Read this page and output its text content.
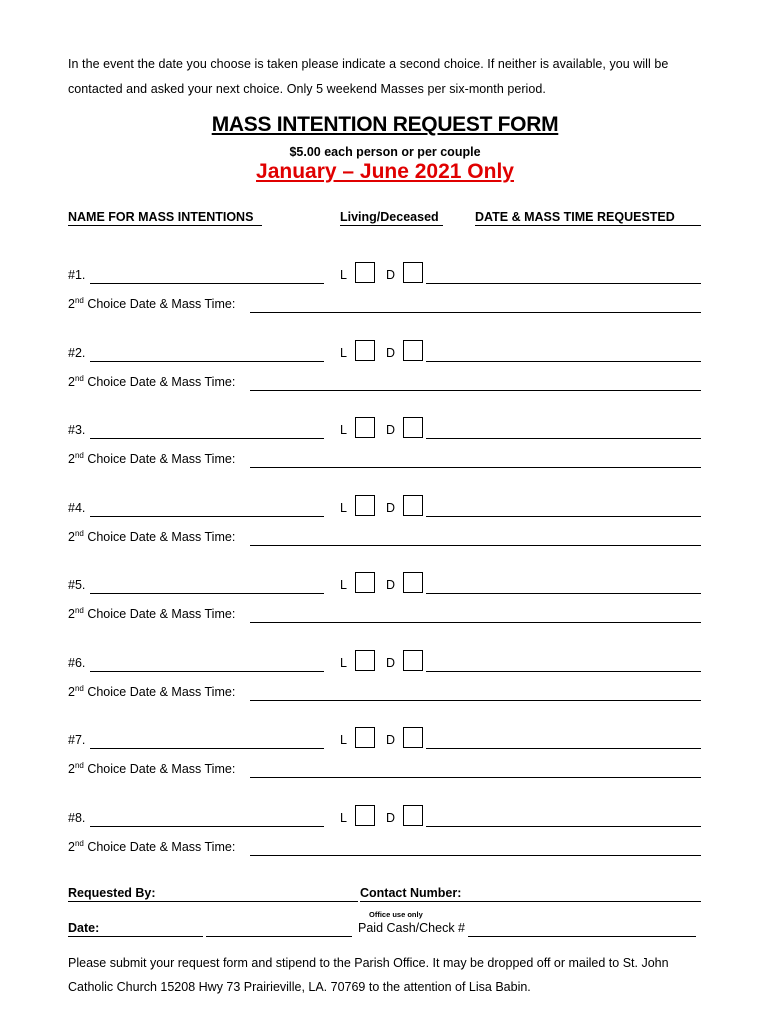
In the event the date you choose is taken please indicate a second choice. If neither is available, you will be contacted and asked your next choice. Only 5 weekend Masses per six-month period.
MASS INTENTION REQUEST FORM
$5.00 each person or per couple
January – June 2021 Only
NAME FOR MASS INTENTIONS	Living/Deceased	DATE & MASS TIME REQUESTED
#1.	L	D
2nd Choice Date & Mass Time:
#2.	L	D
2nd Choice Date & Mass Time:
#3.	L	D
2nd Choice Date & Mass Time:
#4.	L	D
2nd Choice Date & Mass Time:
#5.	L	D
2nd Choice Date & Mass Time:
#6.	L	D
2nd Choice Date & Mass Time:
#7.	L	D
2nd Choice Date & Mass Time:
#8.	L	D
2nd Choice Date & Mass Time:
Requested By:	Contact Number:
Office use only
Date:	Paid Cash/Check #
Please submit your request form and stipend to the Parish Office. It may be dropped off or mailed to St. John Catholic Church 15208 Hwy 73 Prairieville, LA. 70769 to the attention of Lisa Babin.
